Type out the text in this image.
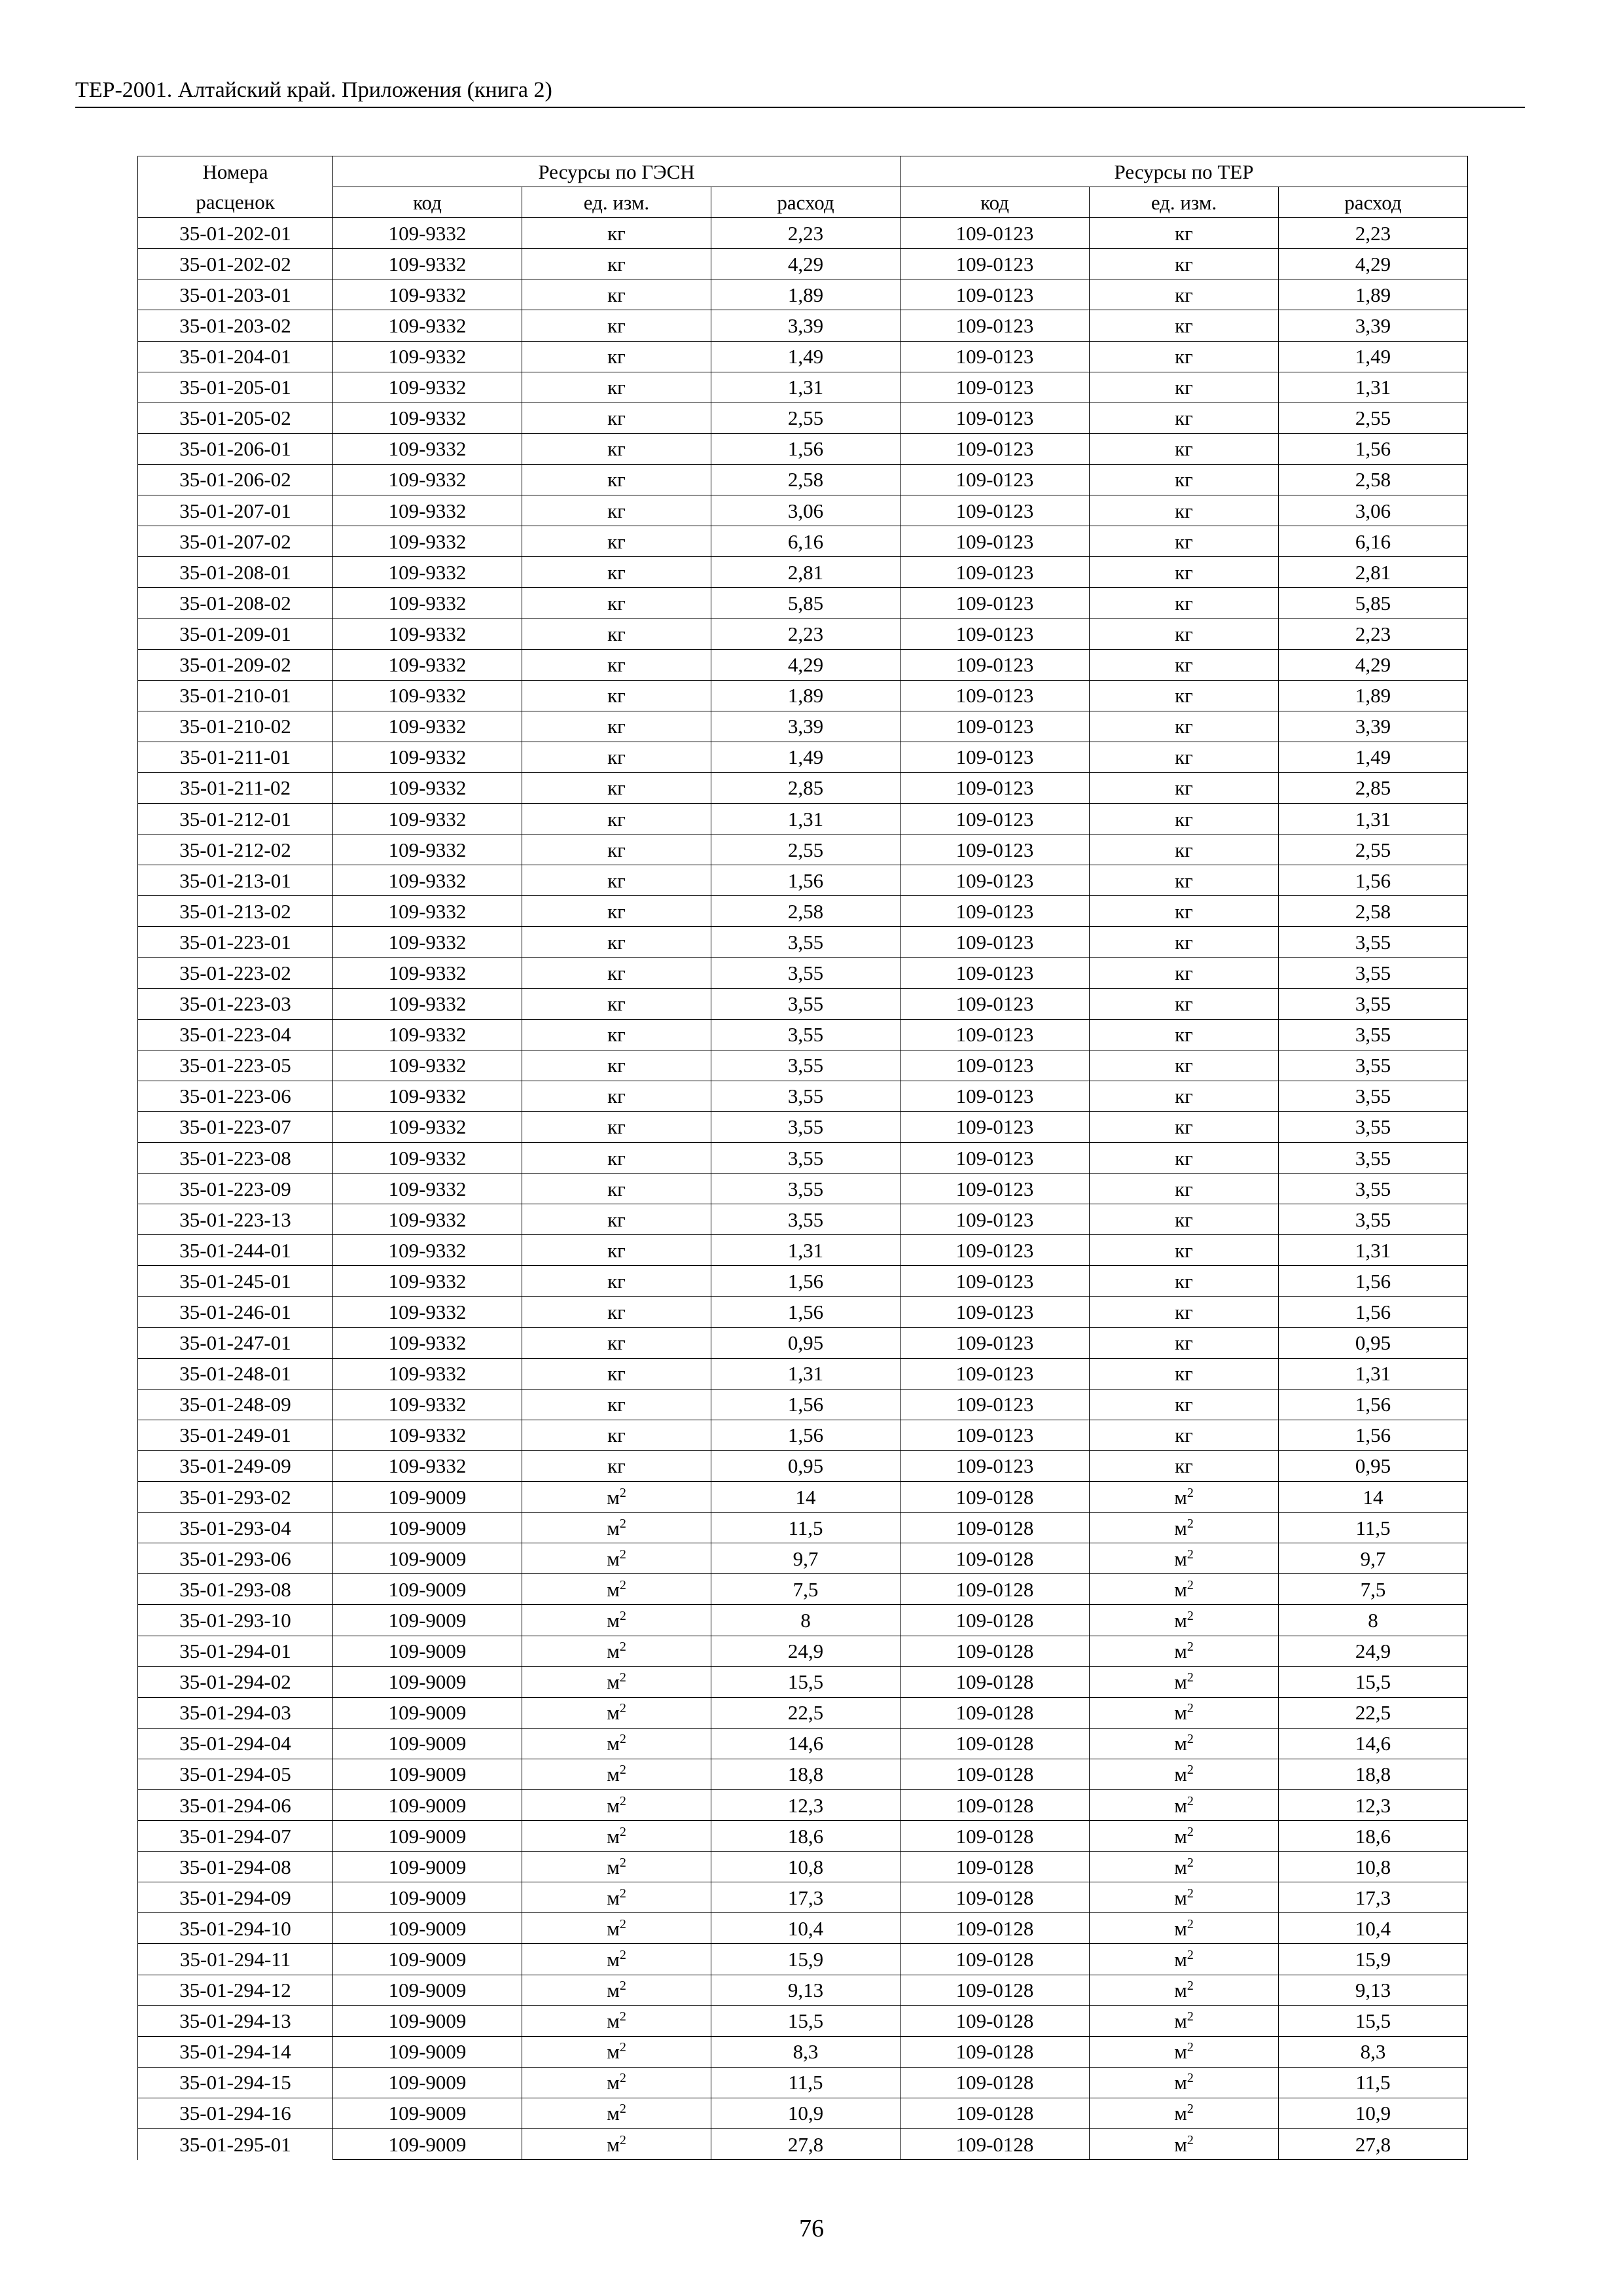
ТЕР-2001. Алтайский край. Приложения (книга 2)
Номера	Ресурсы по ГЭСН			Ресурсы по ТЕР		
расценок	код	ед. изм.	расход	код	ед. изм.	расход
35-01-202-01	109-9332	кг	2,23	109-0123	кг	2,23
35-01-202-02	109-9332	кг	4,29	109-0123	кг	4,29
35-01-203-01	109-9332	кг	1,89	109-0123	кг	1,89
35-01-203-02	109-9332	кг	3,39	109-0123	кг	3,39
35-01-204-01	109-9332	кг	1,49	109-0123	кг	1,49
35-01-205-01	109-9332	кг	1,31	109-0123	кг	1,31
35-01-205-02	109-9332	кг	2,55	109-0123	кг	2,55
35-01-206-01	109-9332	кг	1,56	109-0123	кг	1,56
35-01-206-02	109-9332	кг	2,58	109-0123	кг	2,58
35-01-207-01	109-9332	кг	3,06	109-0123	кг	3,06
35-01-207-02	109-9332	кг	6,16	109-0123	кг	6,16
35-01-208-01	109-9332	кг	2,81	109-0123	кг	2,81
35-01-208-02	109-9332	кг	5,85	109-0123	кг	5,85
35-01-209-01	109-9332	кг	2,23	109-0123	кг	2,23
35-01-209-02	109-9332	кг	4,29	109-0123	кг	4,29
35-01-210-01	109-9332	кг	1,89	109-0123	кг	1,89
35-01-210-02	109-9332	кг	3,39	109-0123	кг	3,39
35-01-211-01	109-9332	кг	1,49	109-0123	кг	1,49
35-01-211-02	109-9332	кг	2,85	109-0123	кг	2,85
35-01-212-01	109-9332	кг	1,31	109-0123	кг	1,31
35-01-212-02	109-9332	кг	2,55	109-0123	кг	2,55
35-01-213-01	109-9332	кг	1,56	109-0123	кг	1,56
35-01-213-02	109-9332	кг	2,58	109-0123	кг	2,58
35-01-223-01	109-9332	кг	3,55	109-0123	кг	3,55
35-01-223-02	109-9332	кг	3,55	109-0123	кг	3,55
35-01-223-03	109-9332	кг	3,55	109-0123	кг	3,55
35-01-223-04	109-9332	кг	3,55	109-0123	кг	3,55
35-01-223-05	109-9332	кг	3,55	109-0123	кг	3,55
35-01-223-06	109-9332	кг	3,55	109-0123	кг	3,55
35-01-223-07	109-9332	кг	3,55	109-0123	кг	3,55
35-01-223-08	109-9332	кг	3,55	109-0123	кг	3,55
35-01-223-09	109-9332	кг	3,55	109-0123	кг	3,55
35-01-223-13	109-9332	кг	3,55	109-0123	кг	3,55
35-01-244-01	109-9332	кг	1,31	109-0123	кг	1,31
35-01-245-01	109-9332	кг	1,56	109-0123	кг	1,56
35-01-246-01	109-9332	кг	1,56	109-0123	кг	1,56
35-01-247-01	109-9332	кг	0,95	109-0123	кг	0,95
35-01-248-01	109-9332	кг	1,31	109-0123	кг	1,31
35-01-248-09	109-9332	кг	1,56	109-0123	кг	1,56
35-01-249-01	109-9332	кг	1,56	109-0123	кг	1,56
35-01-249-09	109-9332	кг	0,95	109-0123	кг	0,95
35-01-293-02	109-9009	$м^2$	14	109-0128	$м^2$	14
35-01-293-04	109-9009	$м^2$	11,5	109-0128	$м^2$	11,5
35-01-293-06	109-9009	$м^2$	9,7	109-0128	$м^2$	9,7
35-01-293-08	109-9009	$м^2$	7,5	109-0128	$м^2$	7,5
35-01-293-10	109-9009	$м^2$	8	109-0128	$м^2$	8
35-01-294-01	109-9009	$м^2$	24,9	109-0128	$м^2$	24,9
35-01-294-02	109-9009	$м^2$	15,5	109-0128	$м^2$	15,5
35-01-294-03	109-9009	$м^2$	22,5	109-0128	$м^2$	22,5
35-01-294-04	109-9009	$м^2$	14,6	109-0128	$м^2$	14,6
35-01-294-05	109-9009	$м^2$	18,8	109-0128	$м^2$	18,8
35-01-294-06	109-9009	$м^2$	12,3	109-0128	$м^2$	12,3
35-01-294-07	109-9009	$м^2$	18,6	109-0128	$м^2$	18,6
35-01-294-08	109-9009	$м^2$	10,8	109-0128	$м^2$	10,8
35-01-294-09	109-9009	$м^2$	17,3	109-0128	$м^2$	17,3
35-01-294-10	109-9009	$м^2$	10,4	109-0128	$м^2$	10,4
35-01-294-11	109-9009	$м^2$	15,9	109-0128	$м^2$	15,9
35-01-294-12	109-9009	$м^2$	9,13	109-0128	$м^2$	9,13
35-01-294-13	109-9009	$м^2$	15,5	109-0128	$м^2$	15,5
35-01-294-14	109-9009	$м^2$	8,3	109-0128	$м^2$	8,3
35-01-294-15	109-9009	$м^2$	11,5	109-0128	$м^2$	11,5
35-01-294-16	109-9009	$м^2$	10,9	109-0128	$м^2$	10,9
35-01-295-01	109-9009	$м^2$	27,8	109-0128	$м^2$	27,8
76
